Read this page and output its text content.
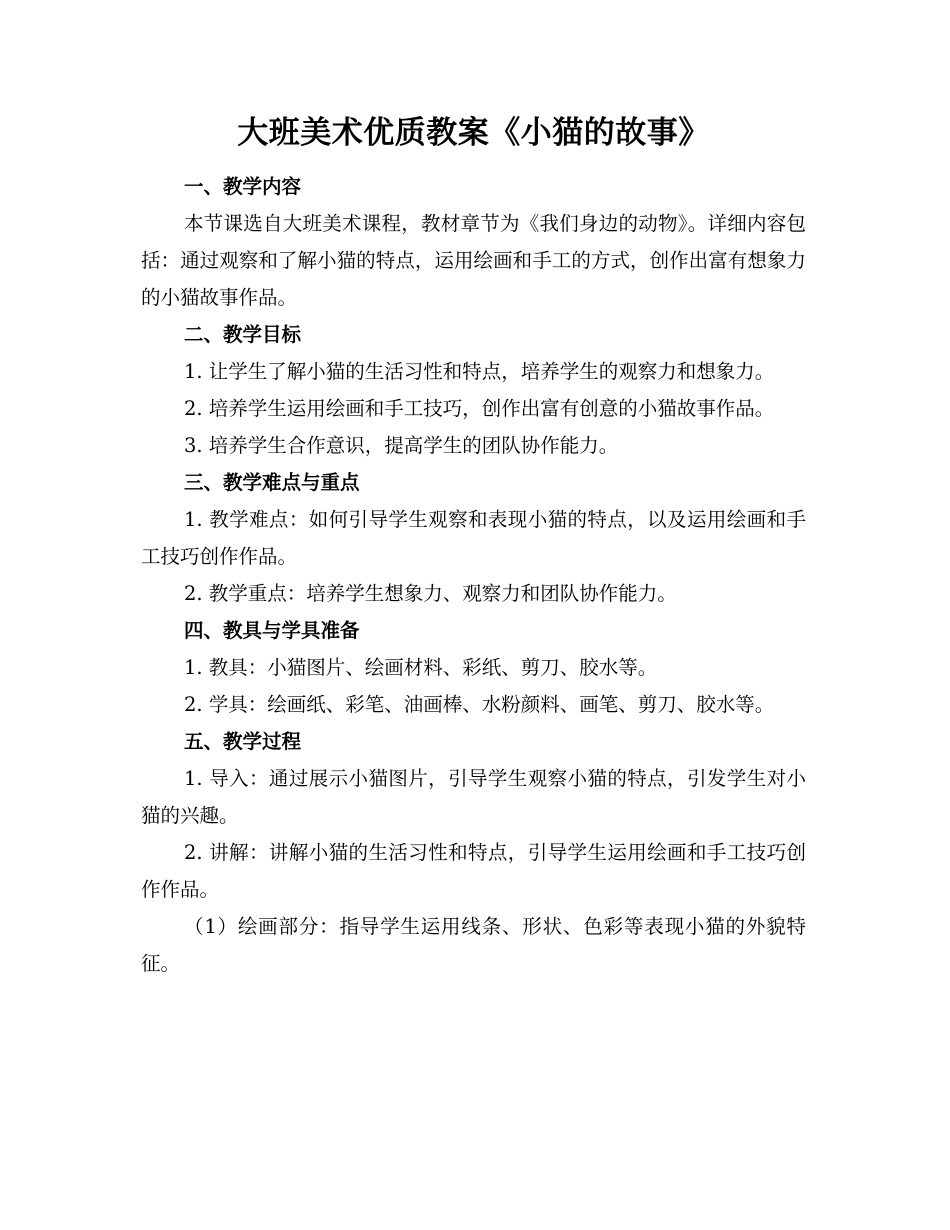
大班美术优质教案《小猫的故事》

一、教学内容

本节课选自大班美术课程，教材章节为《我们身边的动物》。详细内容包括：通过观察和了解小猫的特点，运用绘画和手工的方式，创作出富有想象力的小猫故事作品。

二、教学目标

1. 让学生了解小猫的生活习性和特点，培养学生的观察力和想象力。

2. 培养学生运用绘画和手工技巧，创作出富有创意的小猫故事作品。

3. 培养学生合作意识，提高学生的团队协作能力。

三、教学难点与重点

1. 教学难点：如何引导学生观察和表现小猫的特点，以及运用绘画和手工技巧创作作品。

2. 教学重点：培养学生想象力、观察力和团队协作能力。

四、教具与学具准备

1. 教具：小猫图片、绘画材料、彩纸、剪刀、胶水等。

2. 学具：绘画纸、彩笔、油画棒、水粉颜料、画笔、剪刀、胶水等。

五、教学过程

1. 导入：通过展示小猫图片，引导学生观察小猫的特点，引发学生对小猫的兴趣。

2. 讲解：讲解小猫的生活习性和特点，引导学生运用绘画和手工技巧创作作品。

（1）绘画部分：指导学生运用线条、形状、色彩等表现小猫的外貌特征。
